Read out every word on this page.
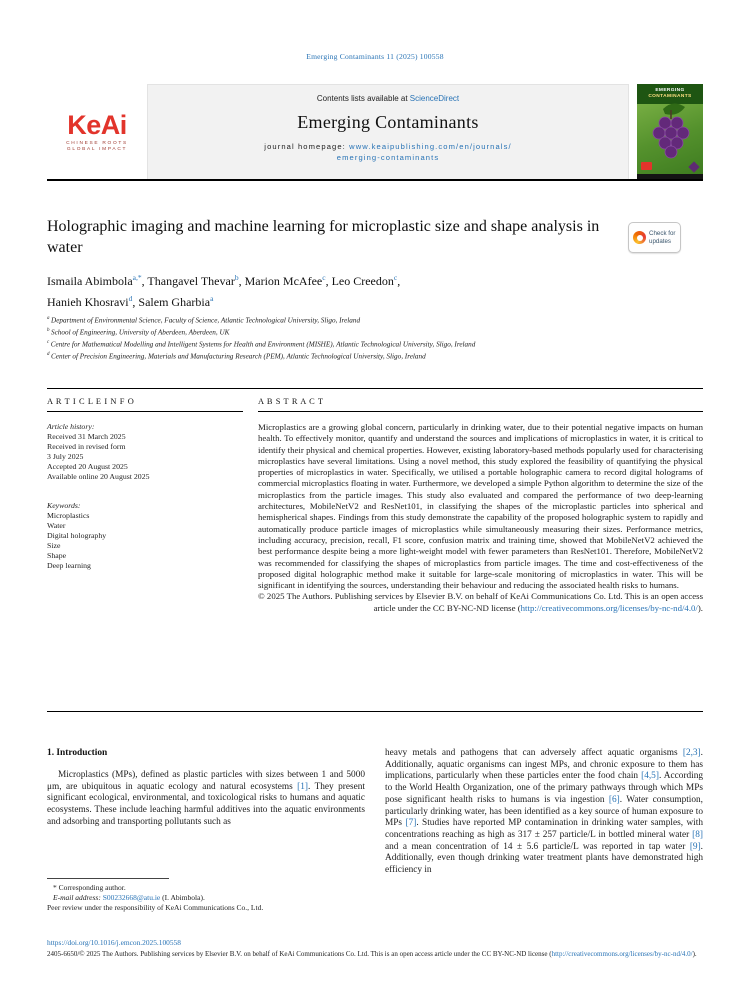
Emerging Contaminants 11 (2025) 100558
KeAi
CHINESE ROOTS
GLOBAL IMPACT
Contents lists available at ScienceDirect
Emerging Contaminants
journal homepage: www.keaipublishing.com/en/journals/
emerging-contaminants
EMERGING
CONTAMINANTS
Holographic imaging and machine learning for microplastic size and shape analysis in water
Check for
updates
Ismaila Abimbola$^{a,*}$, Thangavel Thevar$^b$, Marion McAfee$^c$, Leo Creedon$^c$,
Hanieh Khosravi$^d$, Salem Gharbia$^a$
$^a$ Department of Environmental Science, Faculty of Science, Atlantic Technological University, Sligo, Ireland
$^b$ School of Engineering, University of Aberdeen, Aberdeen, UK
$^c$ Centre for Mathematical Modelling and Intelligent Systems for Health and Environment (MISHE), Atlantic Technological University, Sligo, Ireland
$^d$ Center of Precision Engineering, Materials and Manufacturing Research (PEM), Atlantic Technological University, Sligo, Ireland
A R T I C L E I N F O
Article history:
Received 31 March 2025
Received in revised form
3 July 2025
Accepted 20 August 2025
Available online 20 August 2025
Keywords:
Microplastics
Water
Digital holography
Size
Shape
Deep learning
A B S T R A C T

Microplastics are a growing global concern, particularly in drinking water, due to their potential negative impacts on human health. To effectively monitor, quantify and understand the sources and implications of microplastics in water, it is critical to identify their physical and chemical properties. However, existing laboratory-based methods popularly used for characterising microplastics have several limitations. Using a novel method, this study explored the feasibility of quantifying the physical properties of microplastics in water. Specifically, we utilised a portable holographic camera to record digital holograms of commercial microplastics floating in water. Furthermore, we developed a simple Python algorithm to determine the size of the microplastics from the particle images. This study also evaluated and compared the performance of two deep-learning architectures, MobileNetV2 and ResNet101, in classifying the shapes of the microplastic particles into spherical and hemispherical shapes. Findings from this study demonstrate the capability of the proposed holographic system to rapidly and automatically produce particle images of microplastics while simultaneously measuring their sizes. Performance metrics, including accuracy, precision, recall, F1 score, confusion matrix and training time, showed that MobileNetV2 achieved the best performance despite being a more light-weight model with fewer parameters than ResNet101. Therefore, MobileNetV2 was recommended for classifying the shapes of microplastics from particle images. The time and cost-effectiveness of the proposed digital holographic method make it suitable for large-scale monitoring of microplastics in water. This will be significant in identifying the sources, understanding their behaviour and reducing the associated health risks to humans.

© 2025 The Authors. Publishing services by Elsevier B.V. on behalf of KeAi Communications Co. Ltd. This is an open access article under the CC BY-NC-ND license (http://creativecommons.org/licenses/by-nc-nd/4.0/).
1. Introduction

Microplastics (MPs), defined as plastic particles with sizes between 1 and 5000 μm, are ubiquitous in aquatic ecology and natural ecosystems [1]. They present significant ecological, environmental, and toxicological risks to humans and aquatic ecosystems. These include leaching harmful additives into the aquatic environments and adsorbing and transporting pollutants such as

heavy metals and pathogens that can adversely affect aquatic organisms [2,3]. Additionally, aquatic organisms can ingest MPs, and chronic exposure to them has implications, particularly when these particles enter the food chain [4,5]. According to the World Health Organization, one of the primary pathways through which MPs pose significant health risks to humans is via ingestion [6]. Water consumption, particularly drinking water, has been identified as a key source of human exposure to MPs [7]. Studies have reported MP contamination in drinking water samples, with concentrations reaching as high as 317 ± 257 particle/L in bottled mineral water [8] and a mean concentration of 14 ± 5.6 particle/L was reported in tap water [9]. Additionally, even though drinking water treatment plants have demonstrated high efficiency in

* Corresponding author.
E-mail address: S00232668@atu.ie (I. Abimbola).
Peer review under the responsibility of KeAi Communications Co., Ltd.
https://doi.org/10.1016/j.emcon.2025.100558
2405-6650/© 2025 The Authors. Publishing services by Elsevier B.V. on behalf of KeAi Communications Co. Ltd. This is an open access article under the CC BY-NC-ND license (http://creativecommons.org/licenses/by-nc-nd/4.0/).
